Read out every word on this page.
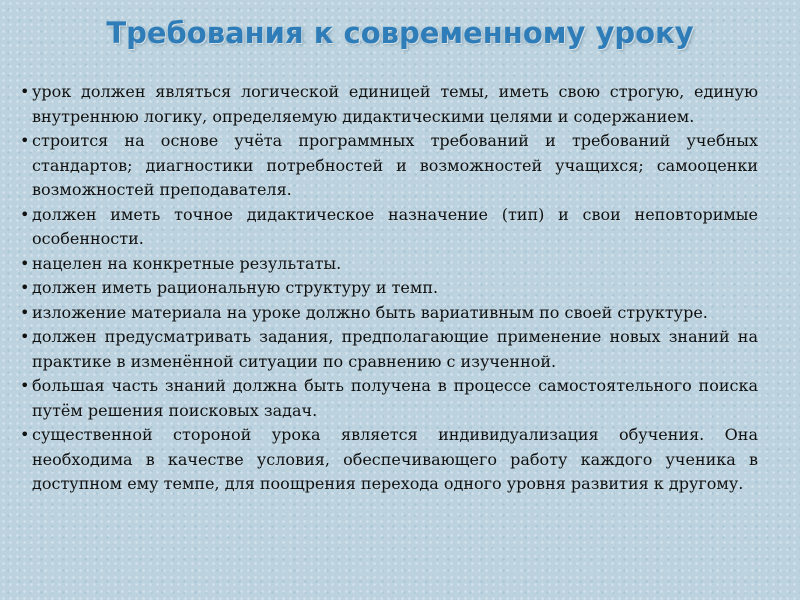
Требования к современному уроку

• урок должен являться логической единицей темы, иметь свою строгую, единую внутреннюю логику, определяемую дидактическими целями и содержанием.

• строится на основе учёта программных требований и требований учебных стандартов; диагностики потребностей и возможностей учащихся; самооценки возможностей преподавателя.

• должен иметь точное дидактическое назначение (тип) и свои неповторимые особенности.

• нацелен на конкретные результаты.

• должен иметь рациональную структуру и темп.

• изложение материала на уроке должно быть вариативным по своей структуре.

• должен предусматривать задания, предполагающие применение новых знаний на практике в изменённой ситуации по сравнению с изученной.

• большая часть знаний должна быть получена в процессе самостоятельного поиска путём решения поисковых задач.

• существенной стороной урока является индивидуализация обучения. Она необходима в качестве условия, обеспечивающего работу каждого ученика в доступном ему темпе, для поощрения перехода одного уровня развития к другому.
